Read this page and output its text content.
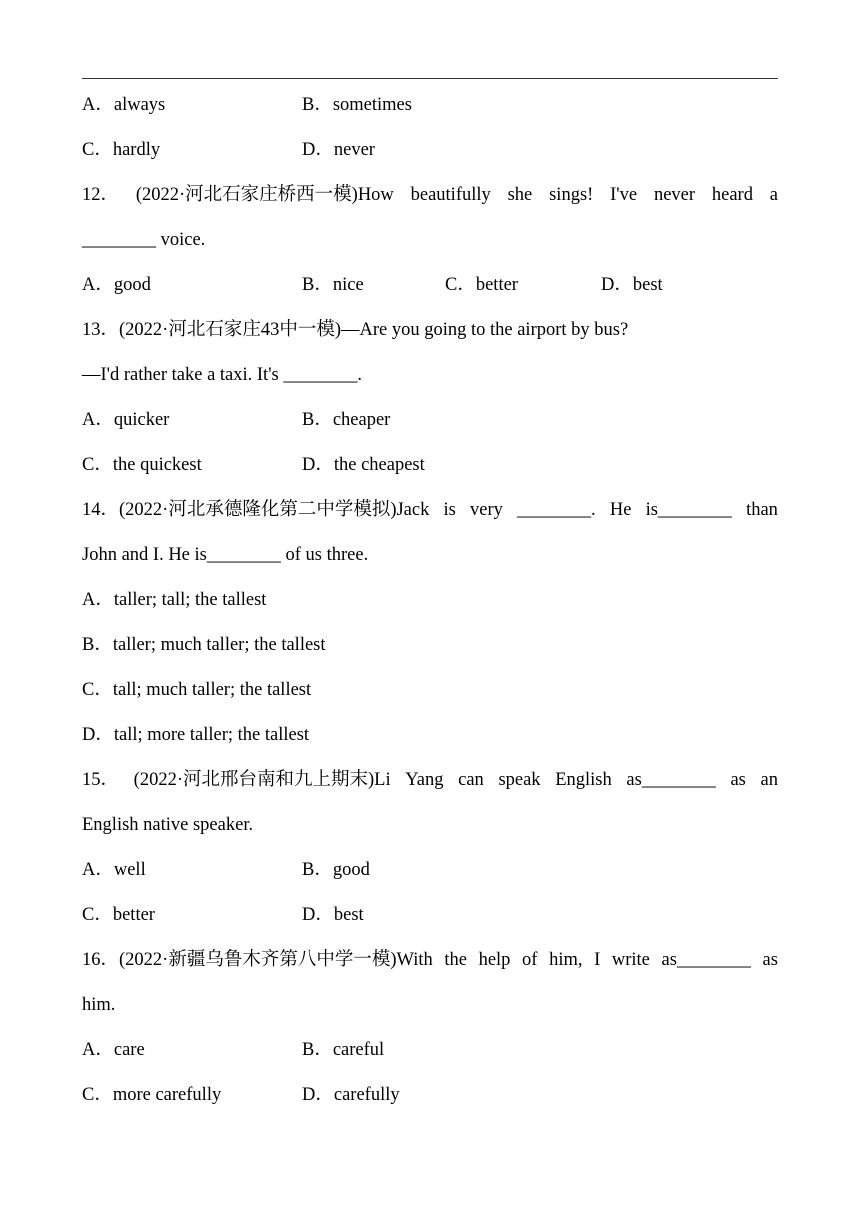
A．always	B．sometimes
C．hardly	D．never
12． (2022·河北石家庄桥西一模)How beautifully she sings! I've never heard a
________ voice.
A．good	B．nice	C．better	D．best
13．(2022·河北石家庄43中一模)—Are you going to the airport by bus?
—I'd rather take a taxi. It's ________.
A．quicker	B．cheaper
C．the quickest	D．the cheapest
14．(2022·河北承德隆化第二中学模拟)Jack is very ________. He is________ than
John and I. He is________ of us three.
A．taller; tall; the tallest
B．taller; much taller; the tallest
C．tall; much taller; the tallest
D．tall; more taller; the tallest
15． (2022·河北邢台南和九上期末)Li Yang can speak English as________ as an
English native speaker.
A．well	B．good
C．better	D．best
16．(2022·新疆乌鲁木齐第八中学一模)With the help of him, I write as________ as
him.
A．care	B．careful
C．more carefully	D．carefully
